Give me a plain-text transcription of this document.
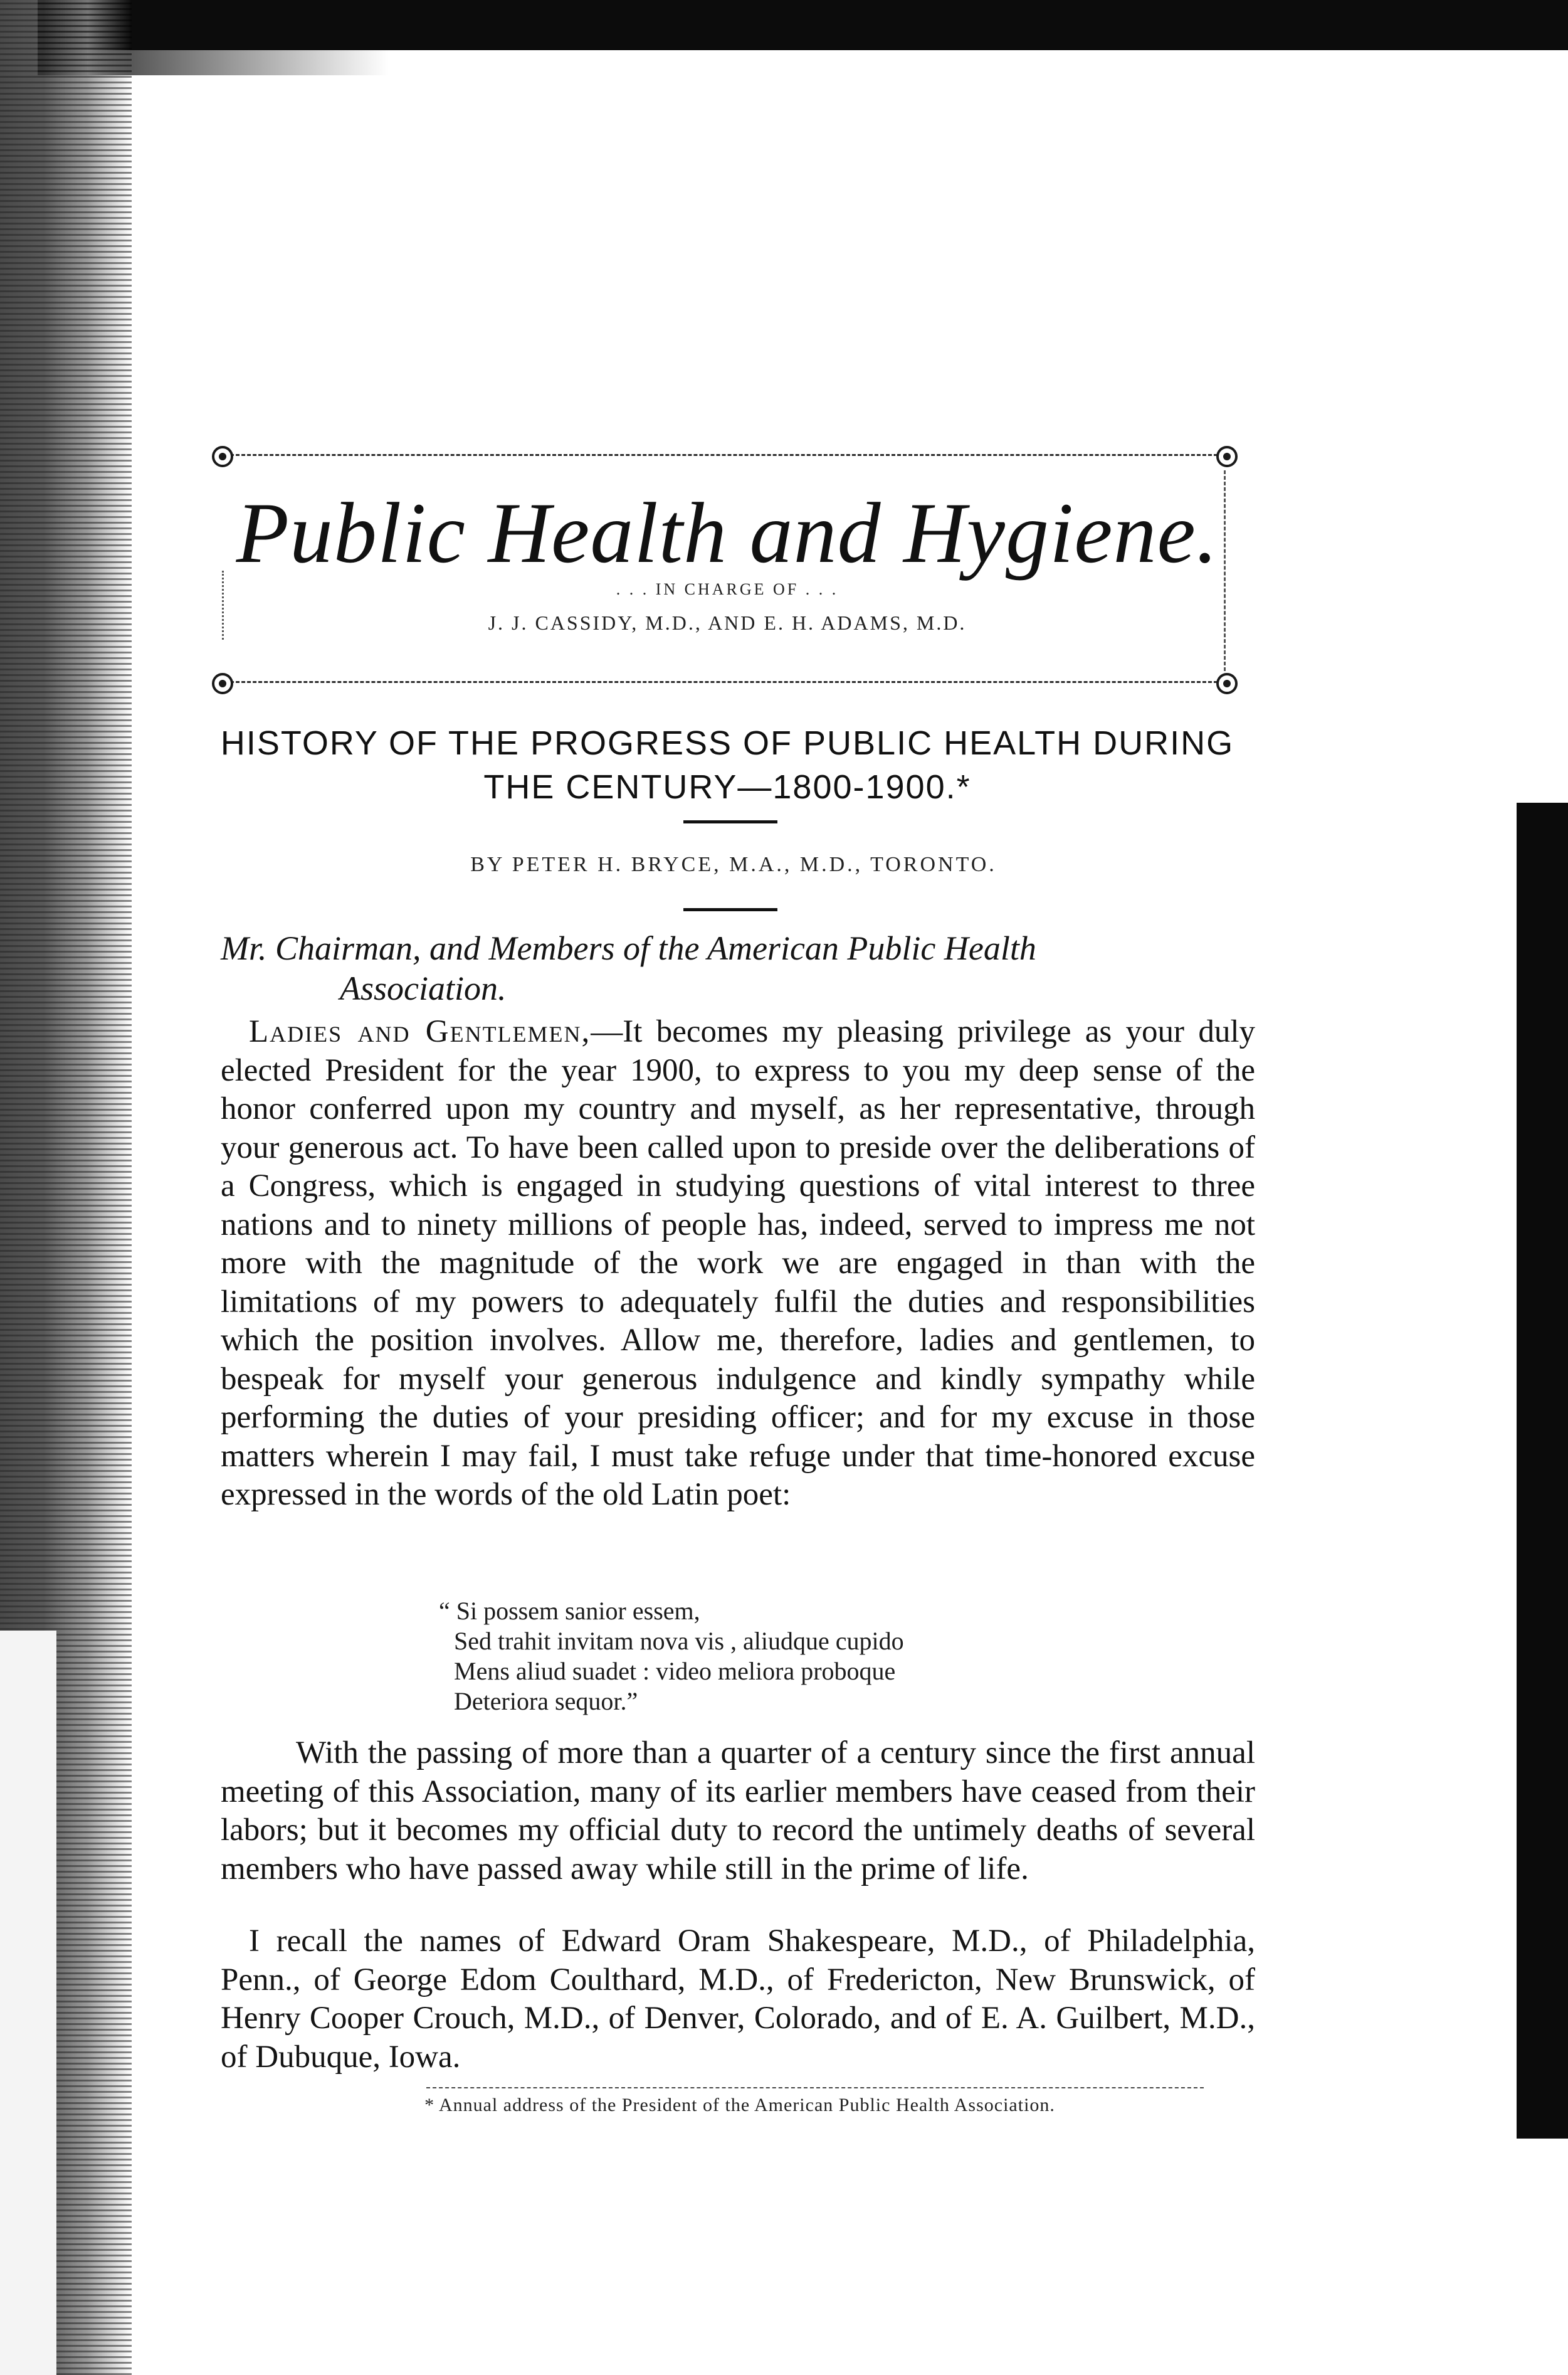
Public Health and Hygiene.
. . . IN CHARGE OF . . .
J. J. CASSIDY, M.D., AND E. H. ADAMS, M.D.
HISTORY OF THE PROGRESS OF PUBLIC HEALTH DURING
THE CENTURY—1800-1900.*
BY PETER H. BRYCE, M.A., M.D., TORONTO.
Mr. Chairman, and Members of the American Public Health
Association.

Ladies and Gentlemen,—It becomes my pleasing privilege as your duly elected President for the year 1900, to express to you my deep sense of the honor conferred upon my country and myself, as her representative, through your generous act. To have been called upon to preside over the deliberations of a Congress, which is engaged in studying questions of vital interest to three nations and to ninety millions of people has, indeed, served to impress me not more with the magnitude of the work we are engaged in than with the limitations of my powers to adequately fulfil the duties and responsibilities which the position involves. Allow me, therefore, ladies and gentlemen, to bespeak for myself your generous indulgence and kindly sympathy while performing the duties of your presiding officer; and for my excuse in those matters wherein I may fail, I must take refuge under that time-honored excuse expressed in the words of the old Latin poet:

“ Si possem sanior essem,
Sed trahit invitam nova vis , aliudque cupido
Mens aliud suadet : video meliora proboque
Deteriora sequor.”

With the passing of more than a quarter of a century since the first annual meeting of this Association, many of its earlier members have ceased from their labors; but it becomes my official duty to record the untimely deaths of several members who have passed away while still in the prime of life.

I recall the names of Edward Oram Shakespeare, M.D., of Philadelphia, Penn., of George Edom Coulthard, M.D., of Fredericton, New Brunswick, of Henry Cooper Crouch, M.D., of Denver, Colorado, and of E. A. Guilbert, M.D., of Dubuque, Iowa.

* Annual address of the President of the American Public Health Association.
